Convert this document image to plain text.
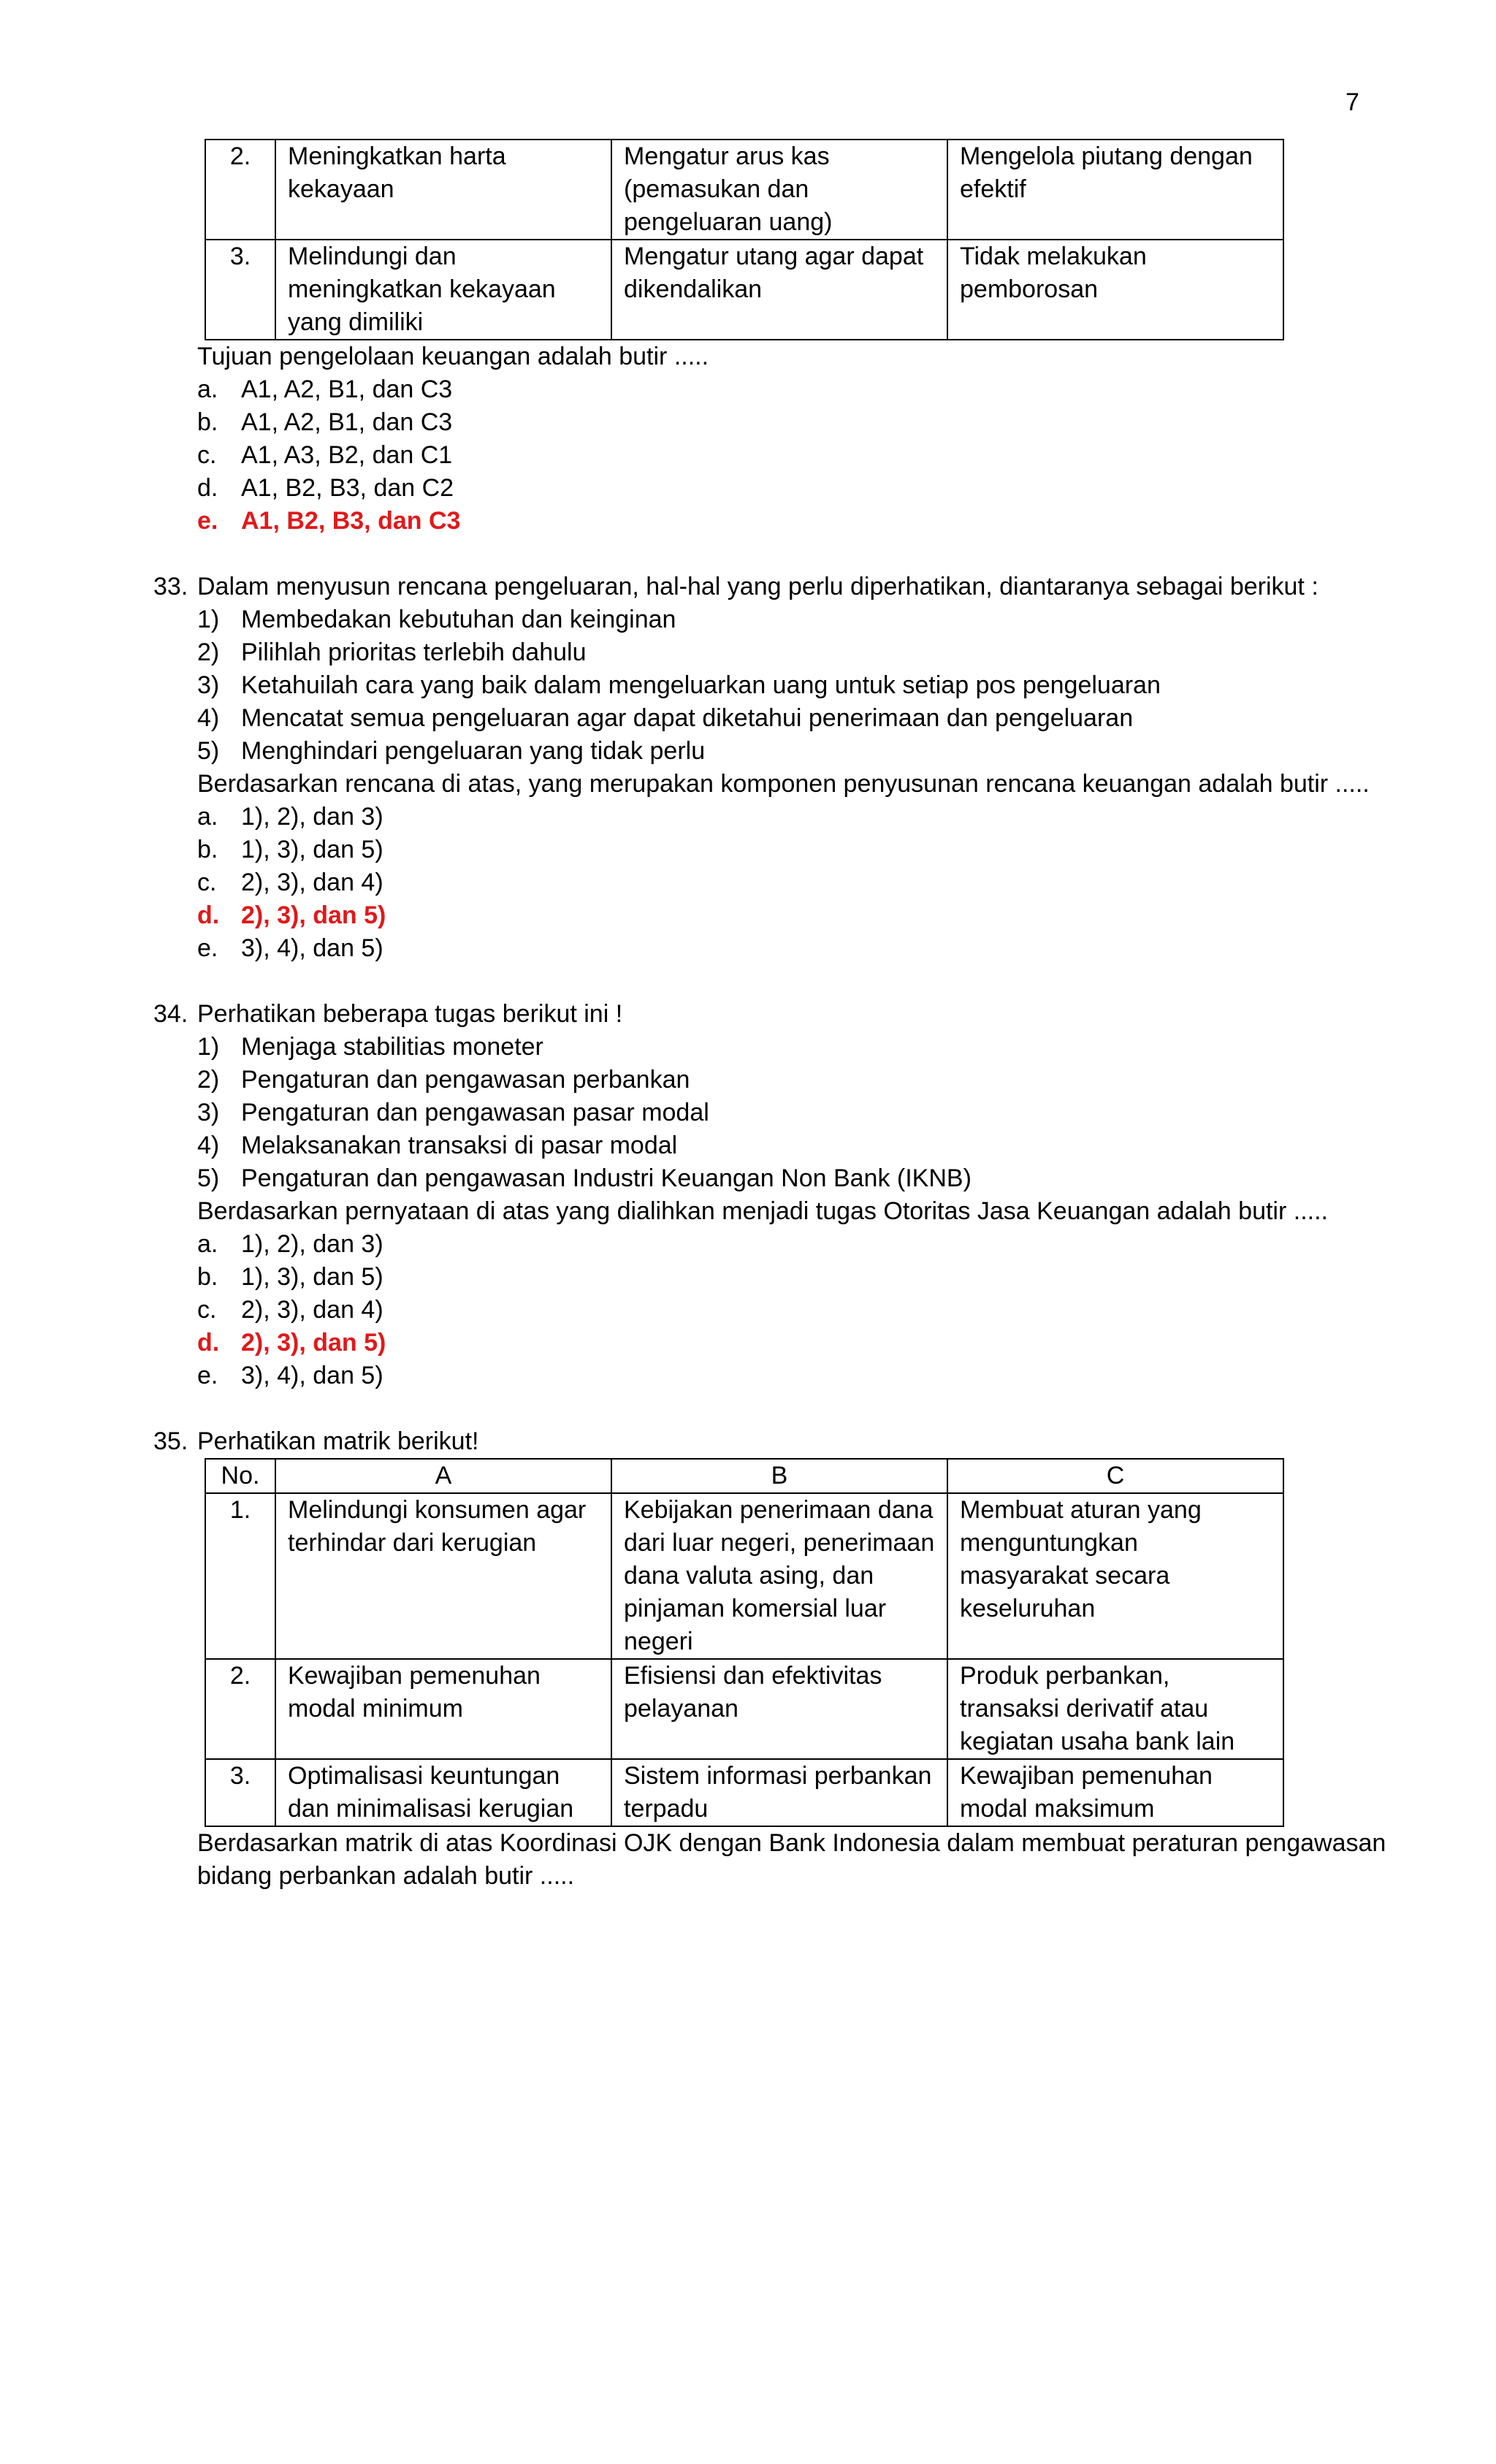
7
2.	Meningkatkan harta kekayaan	Mengatur arus kas (pemasukan dan pengeluaran uang)	Mengelola piutang dengan efektif
3.	Melindungi dan meningkatkan kekayaan yang dimiliki	Mengatur utang agar dapat dikendalikan	Tidak melakukan pemborosan
Tujuan pengelolaan keuangan adalah butir .....
a. A1, A2, B1, dan C3
b. A1, A2, B1, dan C3
c. A1, A3, B2, dan C1
d. A1, B2, B3, dan C2
e. A1, B2, B3, dan C3
33. Dalam menyusun rencana pengeluaran, hal-hal yang perlu diperhatikan, diantaranya sebagai berikut :
1) Membedakan kebutuhan dan keinginan
2) Pilihlah prioritas terlebih dahulu
3) Ketahuilah cara yang baik dalam mengeluarkan uang untuk setiap pos pengeluaran
4) Mencatat semua pengeluaran agar dapat diketahui penerimaan dan pengeluaran
5) Menghindari pengeluaran yang tidak perlu
Berdasarkan rencana di atas, yang merupakan komponen penyusunan rencana keuangan adalah butir .....
a. 1), 2), dan 3)
b. 1), 3), dan 5)
c. 2), 3), dan 4)
d. 2), 3), dan 5)
e. 3), 4), dan 5)
34. Perhatikan beberapa tugas berikut ini !
1) Menjaga stabilitias moneter
2) Pengaturan dan pengawasan perbankan
3) Pengaturan dan pengawasan pasar modal
4) Melaksanakan transaksi di pasar modal
5) Pengaturan dan pengawasan Industri Keuangan Non Bank (IKNB)
Berdasarkan pernyataan di atas yang dialihkan menjadi tugas Otoritas Jasa Keuangan adalah butir .....
a. 1), 2), dan 3)
b. 1), 3), dan 5)
c. 2), 3), dan 4)
d. 2), 3), dan 5)
e. 3), 4), dan 5)
35. Perhatikan matrik berikut!
No.	A	B	C
1.	Melindungi konsumen agar terhindar dari kerugian	Kebijakan penerimaan dana dari luar negeri, penerimaan dana valuta asing, dan pinjaman komersial luar negeri	Membuat aturan yang menguntungkan masyarakat secara keseluruhan
2.	Kewajiban pemenuhan modal minimum	Efisiensi dan efektivitas pelayanan	Produk perbankan, transaksi derivatif atau kegiatan usaha bank lain
3.	Optimalisasi keuntungan dan minimalisasi kerugian	Sistem informasi perbankan terpadu	Kewajiban pemenuhan modal maksimum
Berdasarkan matrik di atas Koordinasi OJK dengan Bank Indonesia dalam membuat peraturan pengawasan bidang perbankan adalah butir .....
